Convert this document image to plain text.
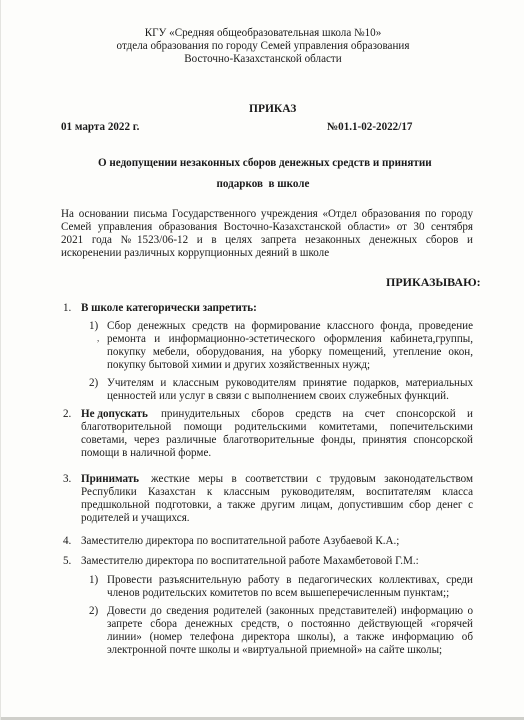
КГУ «Средняя общеобразовательная школа №10»
отдела образования по городу Семей управления образования
Восточно-Казахстанской области
ПРИКАЗ
01 марта 2022 г.	№01.1-02-2022/17
О недопущении незаконных сборов денежных средств и принятии
подарков  в школе
На основании письма Государственного учреждения «Отдел образования по городу
Семей управления образования Восточно-Казахстанской области» от 30 сентября
2021 года №1523/06-12 и в целях запрета незаконных денежных сборов и
искоренении различных коррупционных деяний в школе
ПРИКАЗЫВАЮ:
1. В школе категорически запретить:
1) Сбор денежных средств на формирование классного фонда, проведение
ремонта и информационно-эстетического оформления кабинета,группы,
покупку мебели, оборудования, на уборку помещений, утепление окон,
покупку бытовой химии и других хозяйственных нужд;
2) Учителям и классным руководителям принятие подарков, материальных
ценностей или услуг в связи с выполнением своих служебных функций.
2. Не допускать принудительных сборов средств на счет спонсорской и
благотворительной помощи родительскими комитетами, попечительскими
советами, через различные благотворительные фонды, принятия спонсорской
помощи в наличной форме.
3. Принимать жесткие меры в соответствии с трудовым законодательством
Республики Казахстан к классным руководителям, воспитателям класса
предшкольной подготовки, а также другим лицам, допустившим сбор денег с
родителей и учащихся.
4. Заместителю директора по воспитательной работе Азубаевой К.А.;
5. Заместителю директора по воспитательной работе Махамбетовой Г.М.:
1) Провести разъяснительную работу в педагогических коллективах, среди
членов родительских комитетов по всем вышеперечисленным пунктам;;
2) Довести до сведения родителей (законных представителей) информацию о
запрете сбора денежных средств, о постоянно действующей «горячей
линии» (номер телефона директора школы), а также информацию об
электронной почте школы и «виртуальной приемной» на сайте школы;
,
